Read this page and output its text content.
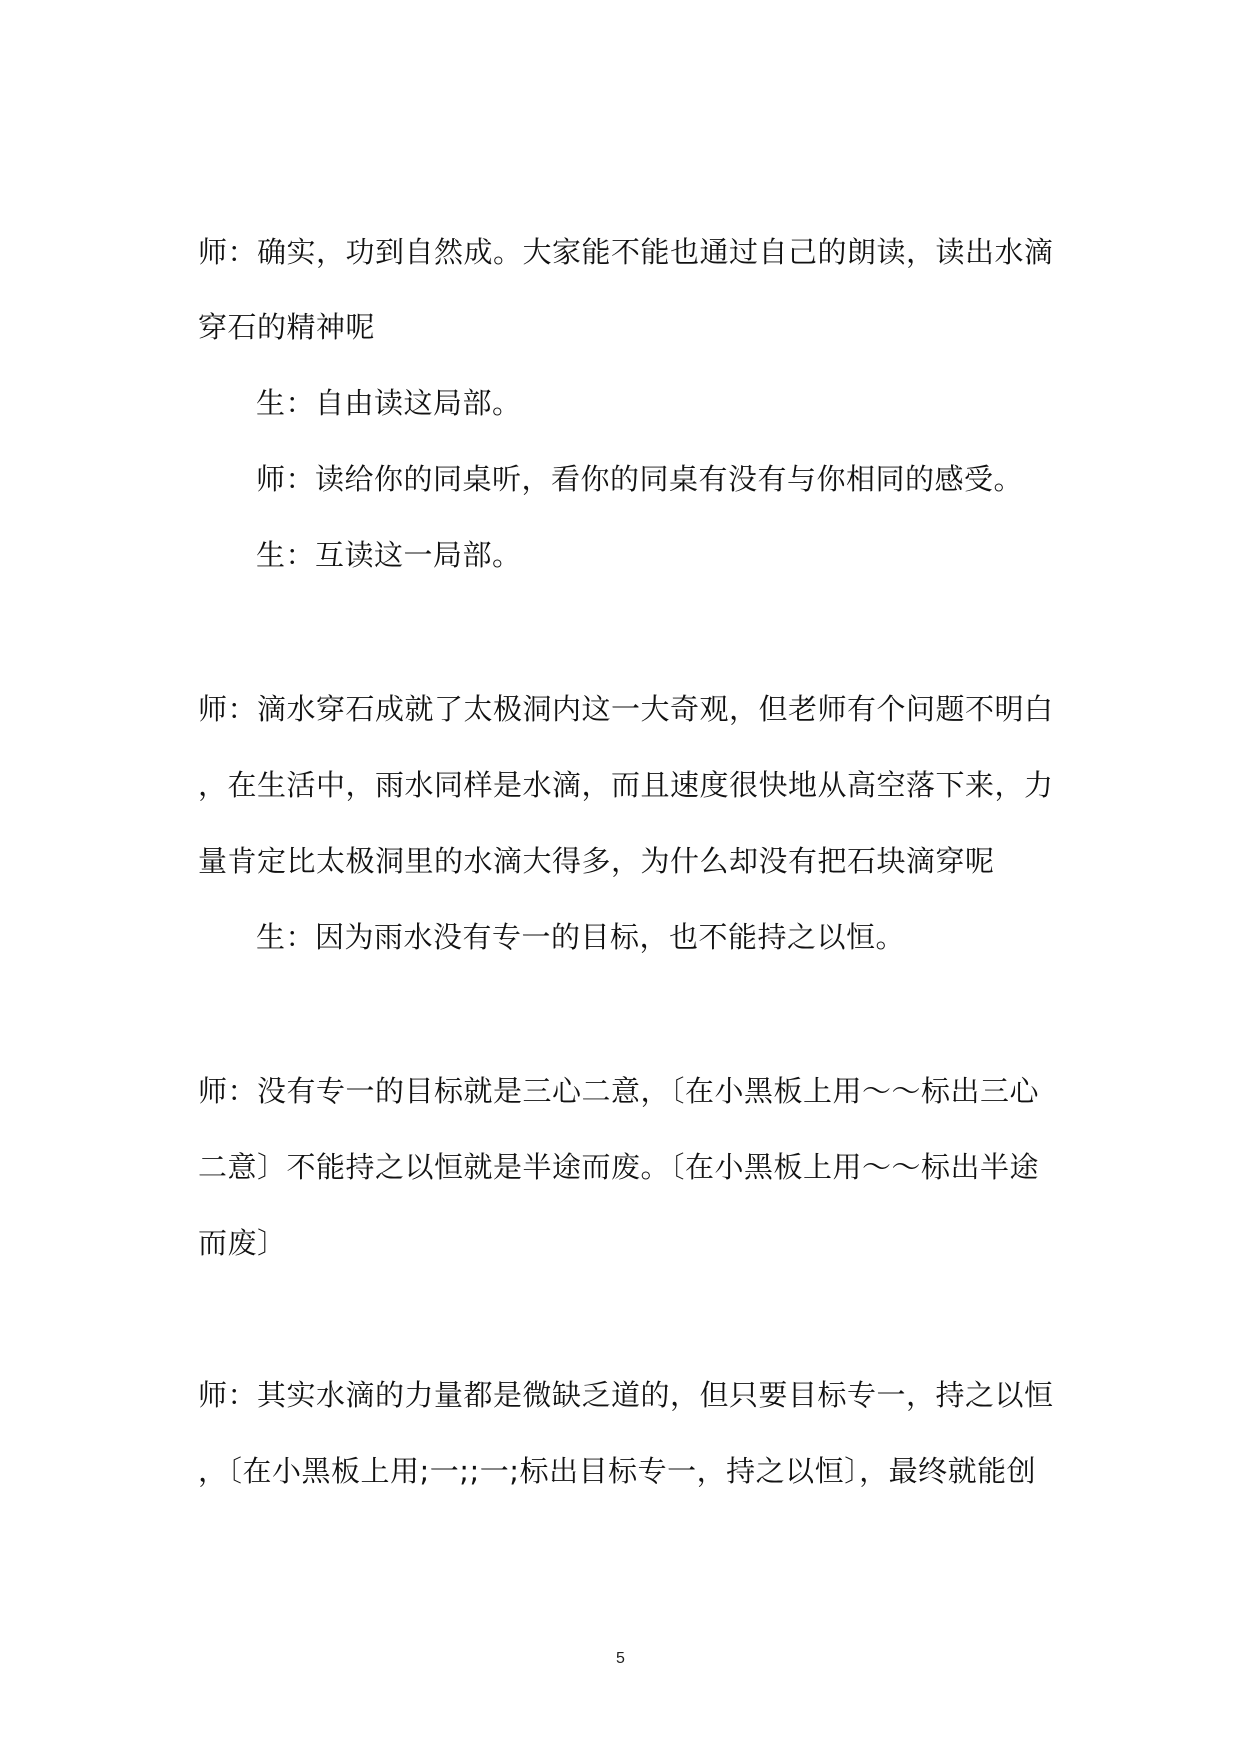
师：确实，功到自然成。大家能不能也通过自己的朗读，读出水滴
穿石的精神呢
生：自由读这局部。
师：读给你的同桌听，看你的同桌有没有与你相同的感受。
生：互读这一局部。
师：滴水穿石成就了太极洞内这一大奇观，但老师有个问题不明白
，在生活中，雨水同样是水滴，而且速度很快地从高空落下来，力
量肯定比太极洞里的水滴大得多，为什么却没有把石块滴穿呢
生：因为雨水没有专一的目标，也不能持之以恒。
师：没有专一的目标就是三心二意，〔在小黑板上用～～标出三心
二意〕不能持之以恒就是半途而废。〔在小黑板上用～～标出半途
而废〕
师：其实水滴的力量都是微缺乏道的，但只要目标专一，持之以恒
，〔在小黑板上用;一;;一;标出目标专一，持之以恒〕，最终就能创
5
